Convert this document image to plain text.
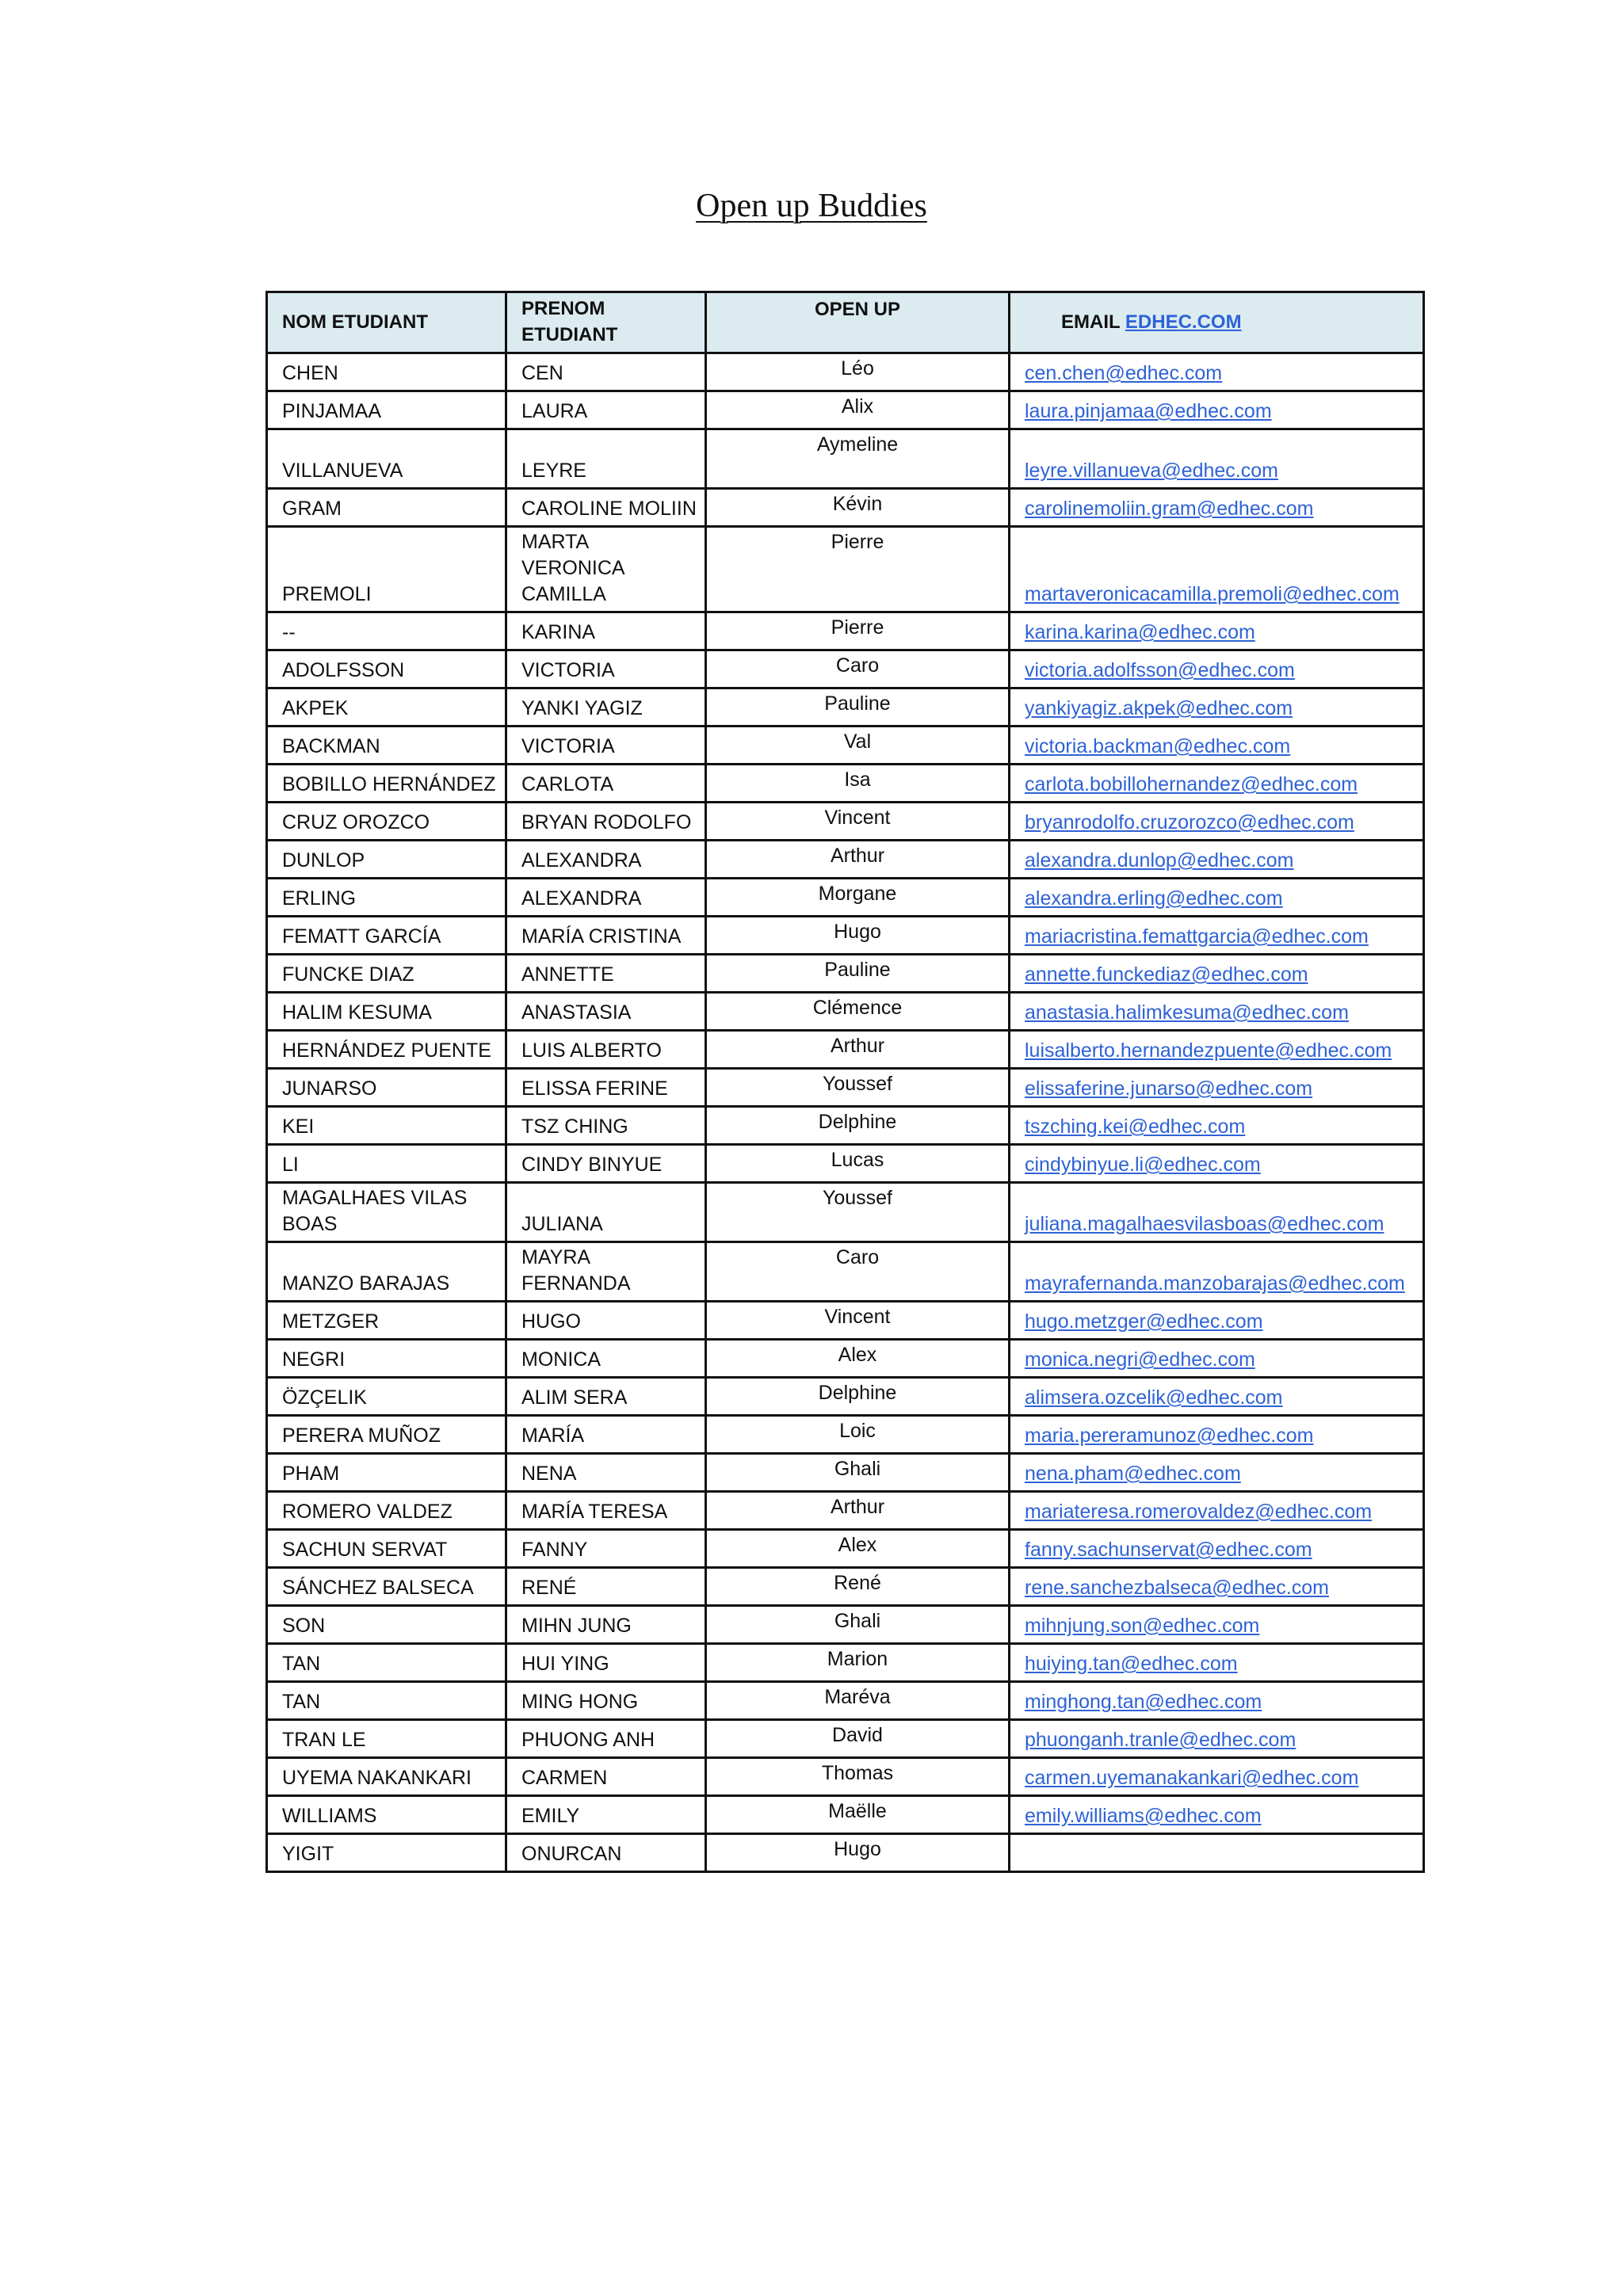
Open up Buddies
NOM ETUDIANT	PRENOM ETUDIANT	OPEN UP	EMAIL EDHEC.COM
CHEN	CEN	Léo	cen.chen@edhec.com
PINJAMAA	LAURA	Alix	laura.pinjamaa@edhec.com
VILLANUEVA	LEYRE	Aymeline	leyre.villanueva@edhec.com
GRAM	CAROLINE MOLIIN	Kévin	carolinemoliin.gram@edhec.com
PREMOLI	MARTA VERONICA CAMILLA	Pierre	martaveronicacamilla.premoli@edhec.com
--	KARINA	Pierre	karina.karina@edhec.com
ADOLFSSON	VICTORIA	Caro	victoria.adolfsson@edhec.com
AKPEK	YANKI YAGIZ	Pauline	yankiyagiz.akpek@edhec.com
BACKMAN	VICTORIA	Val	victoria.backman@edhec.com
BOBILLO HERNÁNDEZ	CARLOTA	Isa	carlota.bobillohernandez@edhec.com
CRUZ OROZCO	BRYAN RODOLFO	Vincent	bryanrodolfo.cruzorozco@edhec.com
DUNLOP	ALEXANDRA	Arthur	alexandra.dunlop@edhec.com
ERLING	ALEXANDRA	Morgane	alexandra.erling@edhec.com
FEMATT GARCÍA	MARÍA CRISTINA	Hugo	mariacristina.femattgarcia@edhec.com
FUNCKE DIAZ	ANNETTE	Pauline	annette.funckediaz@edhec.com
HALIM KESUMA	ANASTASIA	Clémence	anastasia.halimkesuma@edhec.com
HERNÁNDEZ PUENTE	LUIS ALBERTO	Arthur	luisalberto.hernandezpuente@edhec.com
JUNARSO	ELISSA FERINE	Youssef	elissaferine.junarso@edhec.com
KEI	TSZ CHING	Delphine	tszching.kei@edhec.com
LI	CINDY BINYUE	Lucas	cindybinyue.li@edhec.com
MAGALHAES VILAS BOAS	JULIANA	Youssef	juliana.magalhaesvilasboas@edhec.com
MANZO BARAJAS	MAYRA FERNANDA	Caro	mayrafernanda.manzobarajas@edhec.com
METZGER	HUGO	Vincent	hugo.metzger@edhec.com
NEGRI	MONICA	Alex	monica.negri@edhec.com
ÖZÇELIK	ALIM SERA	Delphine	alimsera.ozcelik@edhec.com
PERERA MUÑOZ	MARÍA	Loic	maria.pereramunoz@edhec.com
PHAM	NENA	Ghali	nena.pham@edhec.com
ROMERO VALDEZ	MARÍA TERESA	Arthur	mariateresa.romerovaldez@edhec.com
SACHUN SERVAT	FANNY	Alex	fanny.sachunservat@edhec.com
SÁNCHEZ BALSECA	RENÉ	René	rene.sanchezbalseca@edhec.com
SON	MIHN JUNG	Ghali	mihnjung.son@edhec.com
TAN	HUI YING	Marion	huiying.tan@edhec.com
TAN	MING HONG	Maréva	minghong.tan@edhec.com
TRAN LE	PHUONG ANH	David	phuonganh.tranle@edhec.com
UYEMA NAKANKARI	CARMEN	Thomas	carmen.uyemanakankari@edhec.com
WILLIAMS	EMILY	Maëlle	emily.williams@edhec.com
YIGIT	ONURCAN	Hugo	
